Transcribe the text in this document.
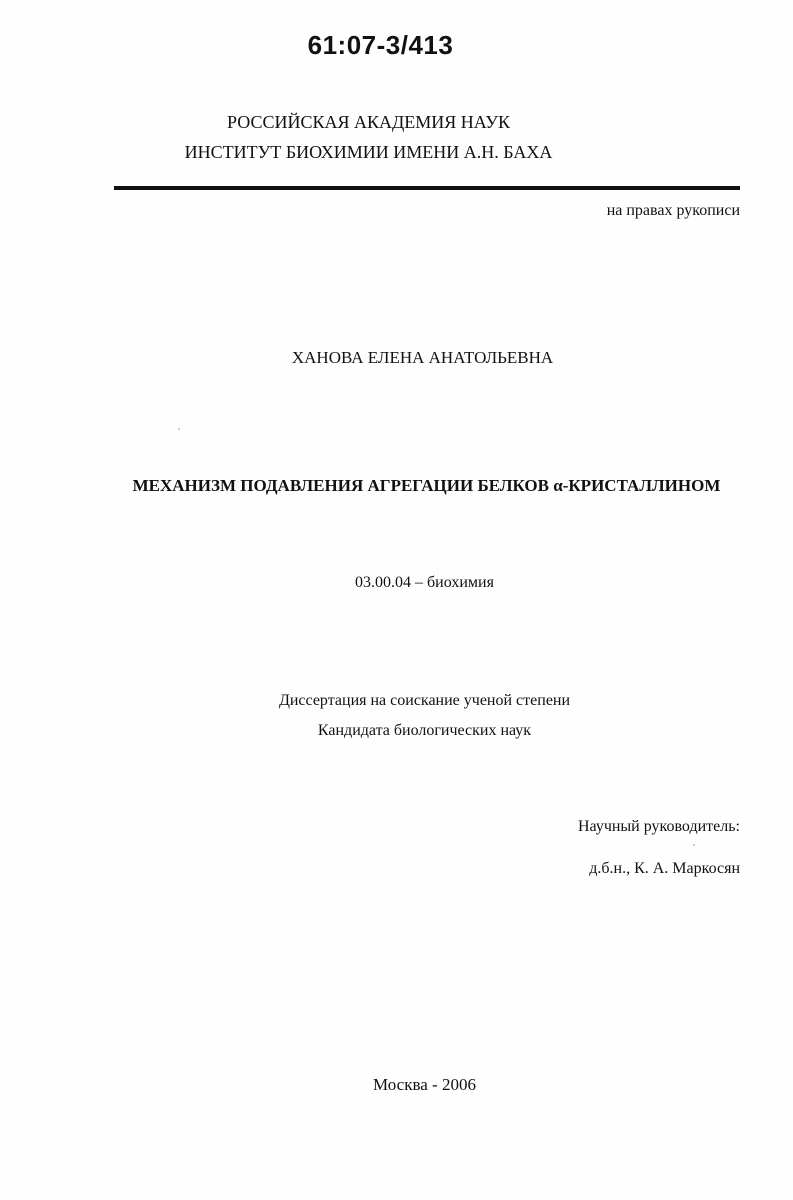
61:07-3/413
РОССИЙСКАЯ АКАДЕМИЯ НАУК
ИНСТИТУТ БИОХИМИИ ИМЕНИ А.Н. БАХА
на правах рукописи
ХАНОВА ЕЛЕНА АНАТОЛЬЕВНА
МЕХАНИЗМ ПОДАВЛЕНИЯ АГРЕГАЦИИ БЕЛКОВ α-КРИСТАЛЛИНОМ
03.00.04 – биохимия
Диссертация на соискание ученой степени
Кандидата биологических наук
Научный руководитель:
д.б.н., К. А. Маркосян
Москва - 2006
